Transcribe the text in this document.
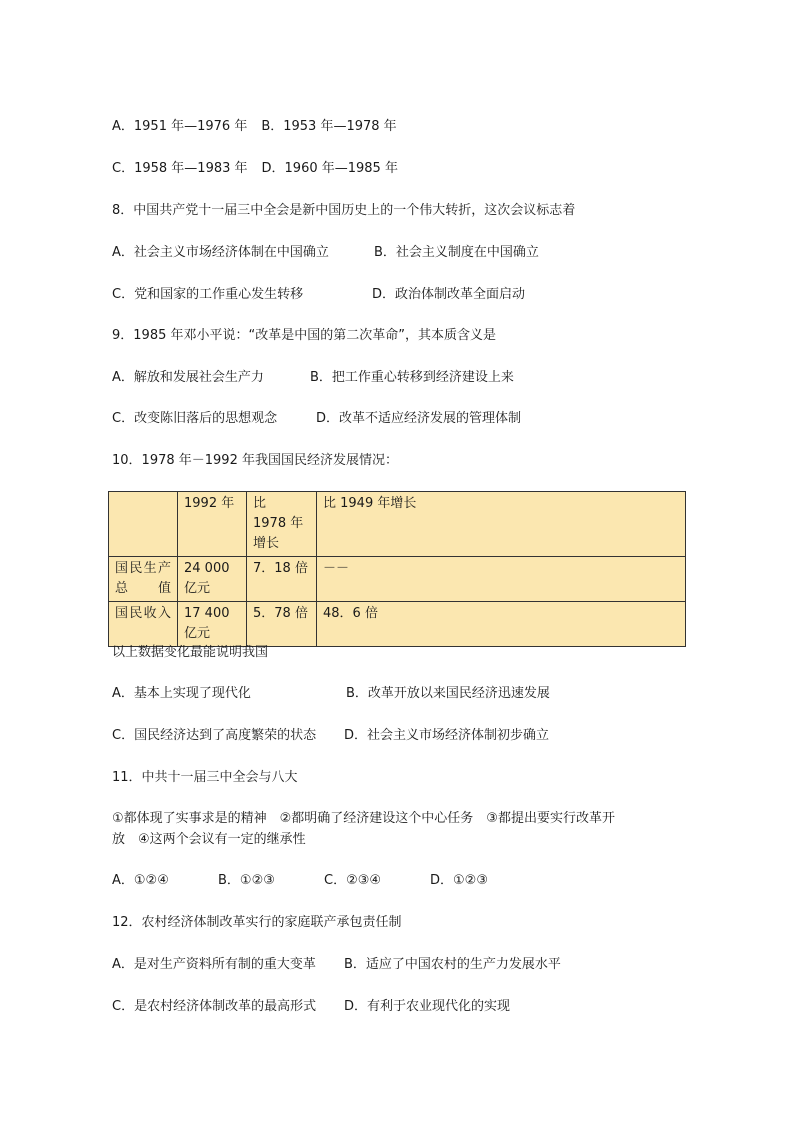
A．1951 年—1976 年 B．1953 年—1978 年
C．1958 年—1983 年 D．1960 年—1985 年
8．中国共产党十一届三中全会是新中国历史上的一个伟大转折，这次会议标志着
A．社会主义市场经济体制在中国确立	B．社会主义制度在中国确立
C．党和国家的工作重心发生转移	D．政治体制改革全面启动
9．1985 年邓小平说：“改革是中国的第二次革命”，其本质含义是
A．解放和发展社会生产力	B．把工作重心转移到经济建设上来
C．改变陈旧落后的思想观念	D．改革不适应经济发展的管理体制
10．1978 年－1992 年我国国民经济发展情况：
	1992 年	比　1978 年增长	比 1949 年增长
国民生产总值	24 000 亿元	7．18 倍	－－
国民收入	17 400 亿元	5．78 倍	48．6 倍
以上数据变化最能说明我国
A．基本上实现了现代化	B．改革开放以来国民经济迅速发展
C．国民经济达到了高度繁荣的状态 D．社会主义市场经济体制初步确立
11．中共十一届三中全会与八大
①都体现了实事求是的精神　②都明确了经济建设这个中心任务　③都提出要实行改革开
放　④这两个会议有一定的继承性
A．①②④	B．①②③	C．②③④	D．①②③
12．农村经济体制改革实行的家庭联产承包责任制
A．是对生产资料所有制的重大变革 B．适应了中国农村的生产力发展水平
C．是农村经济体制改革的最高形式 D．有利于农业现代化的实现
